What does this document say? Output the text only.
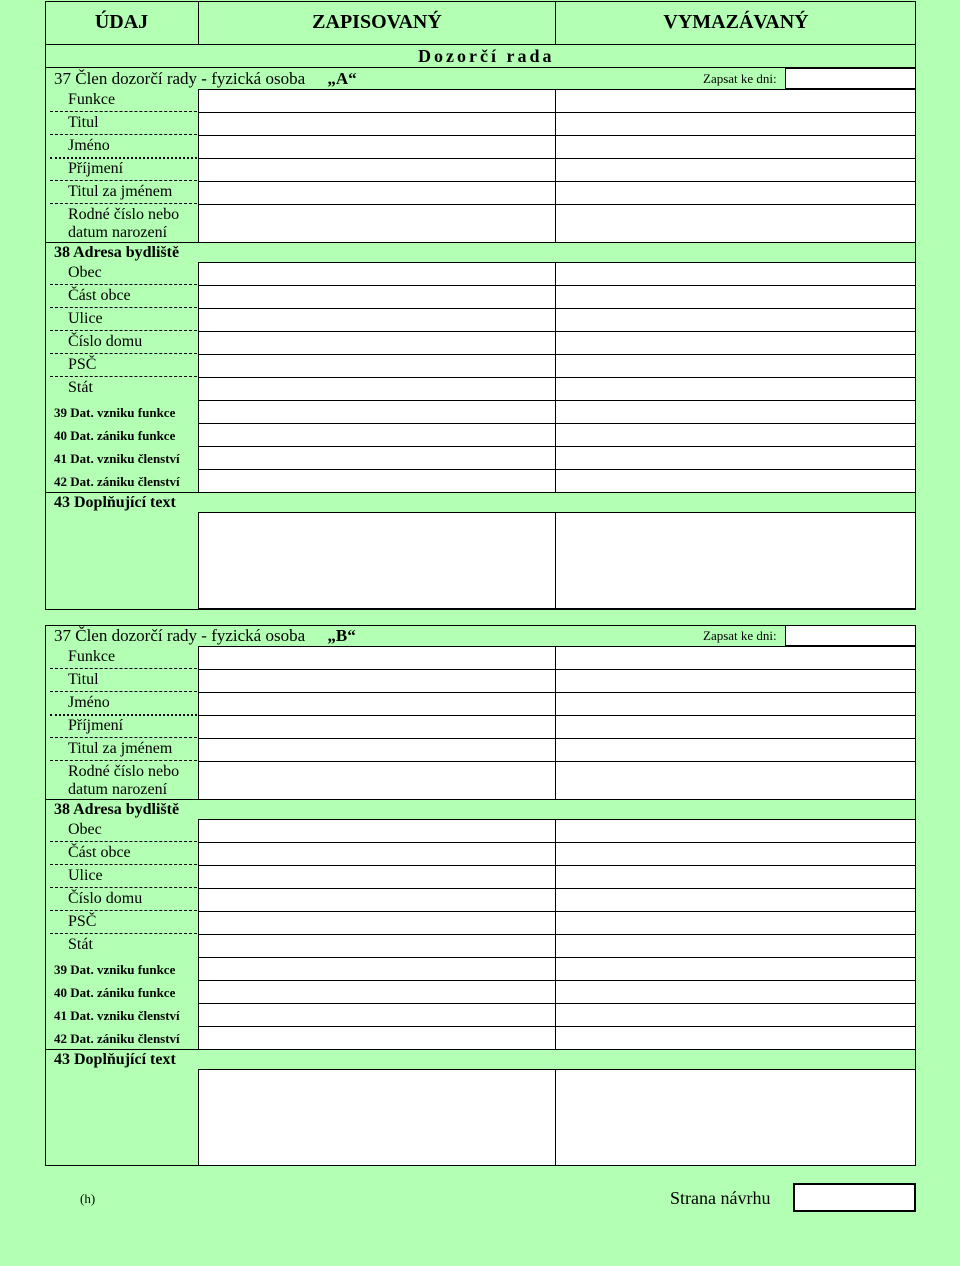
ÚDAJ	ZAPISOVANÝ	VYMAZÁVANÝ
Dozorčí rada
37 Člen dozorčí rady - fyzická osoba „A“	Zapsat ke dni:
Funkce
Titul
Jméno
Příjmení
Titul za jménem
Rodné číslo nebo
datum narození
38 Adresa bydliště
Obec
Část obce
Ulice
Číslo domu
PSČ
Stát
39 Dat. vzniku funkce
40 Dat. zániku funkce
41 Dat. vzniku členství
42 Dat. zániku členství
43 Doplňující text
37 Člen dozorčí rady - fyzická osoba „B“	Zapsat ke dni:
Funkce
Titul
Jméno
Příjmení
Titul za jménem
Rodné číslo nebo
datum narození
38 Adresa bydliště
Obec
Část obce
Ulice
Číslo domu
PSČ
Stát
39 Dat. vzniku funkce
40 Dat. zániku funkce
41 Dat. vzniku členství
42 Dat. zániku členství
43 Doplňující text
(h)	Strana návrhu
